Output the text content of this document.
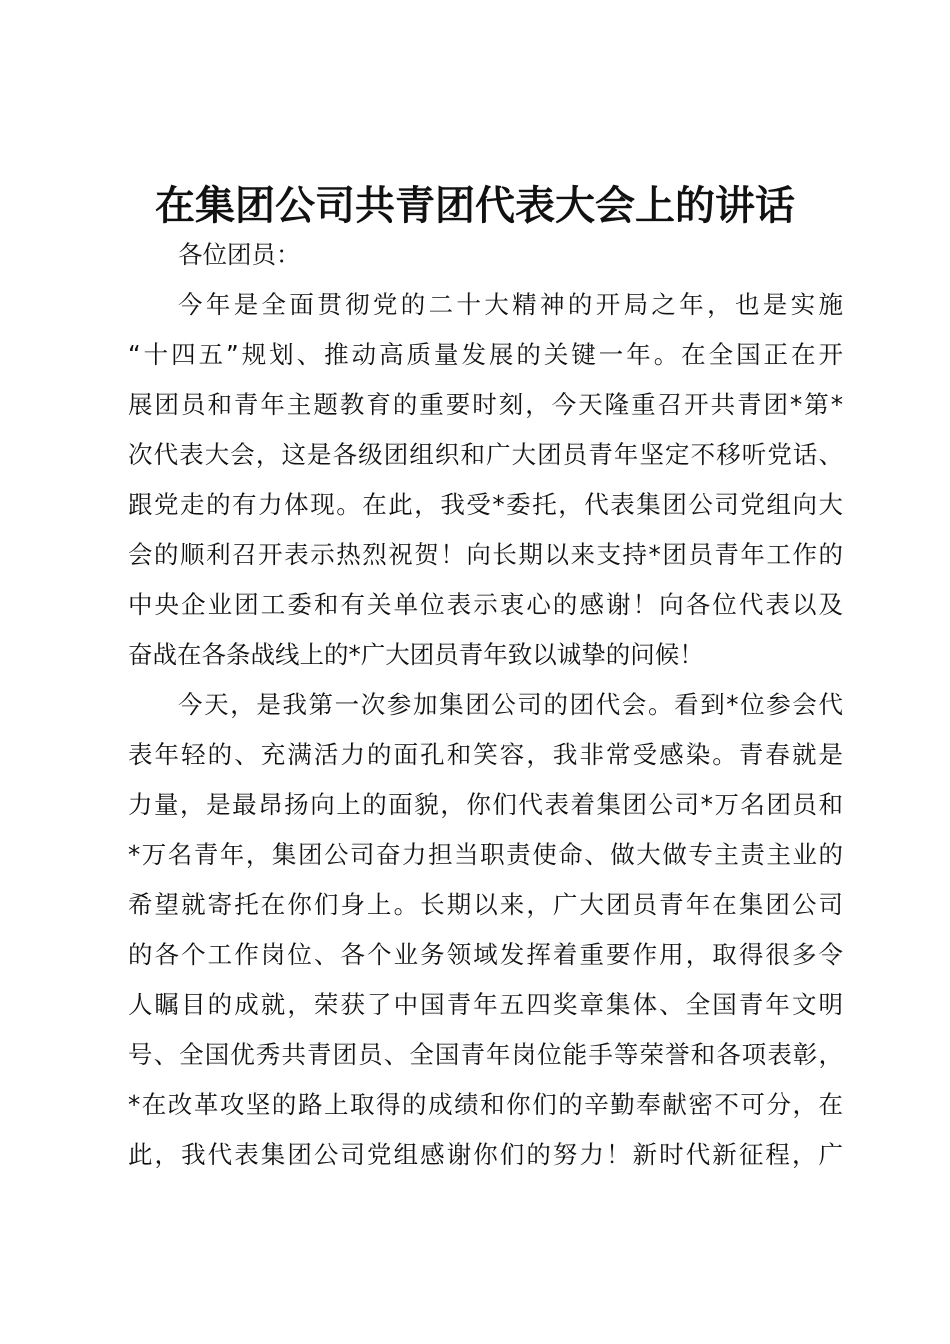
在集团公司共青团代表大会上的讲话
各位团员：
今年是全面贯彻党的二十大精神的开局之年，也是实施
“十四五”规划、推动高质量发展的关键一年。在全国正在开
展团员和青年主题教育的重要时刻，今天隆重召开共青团*第*
次代表大会，这是各级团组织和广大团员青年坚定不移听党话、
跟党走的有力体现。在此，我受*委托，代表集团公司党组向大
会的顺利召开表示热烈祝贺！向长期以来支持*团员青年工作的
中央企业团工委和有关单位表示衷心的感谢！向各位代表以及
奋战在各条战线上的*广大团员青年致以诚挚的问候！
今天，是我第一次参加集团公司的团代会。看到*位参会代
表年轻的、充满活力的面孔和笑容，我非常受感染。青春就是
力量，是最昂扬向上的面貌，你们代表着集团公司*万名团员和
*万名青年，集团公司奋力担当职责使命、做大做专主责主业的
希望就寄托在你们身上。长期以来，广大团员青年在集团公司
的各个工作岗位、各个业务领域发挥着重要作用，取得很多令
人瞩目的成就，荣获了中国青年五四奖章集体、全国青年文明
号、全国优秀共青团员、全国青年岗位能手等荣誉和各项表彰，
*在改革攻坚的路上取得的成绩和你们的辛勤奉献密不可分，在
此，我代表集团公司党组感谢你们的努力！新时代新征程，广
